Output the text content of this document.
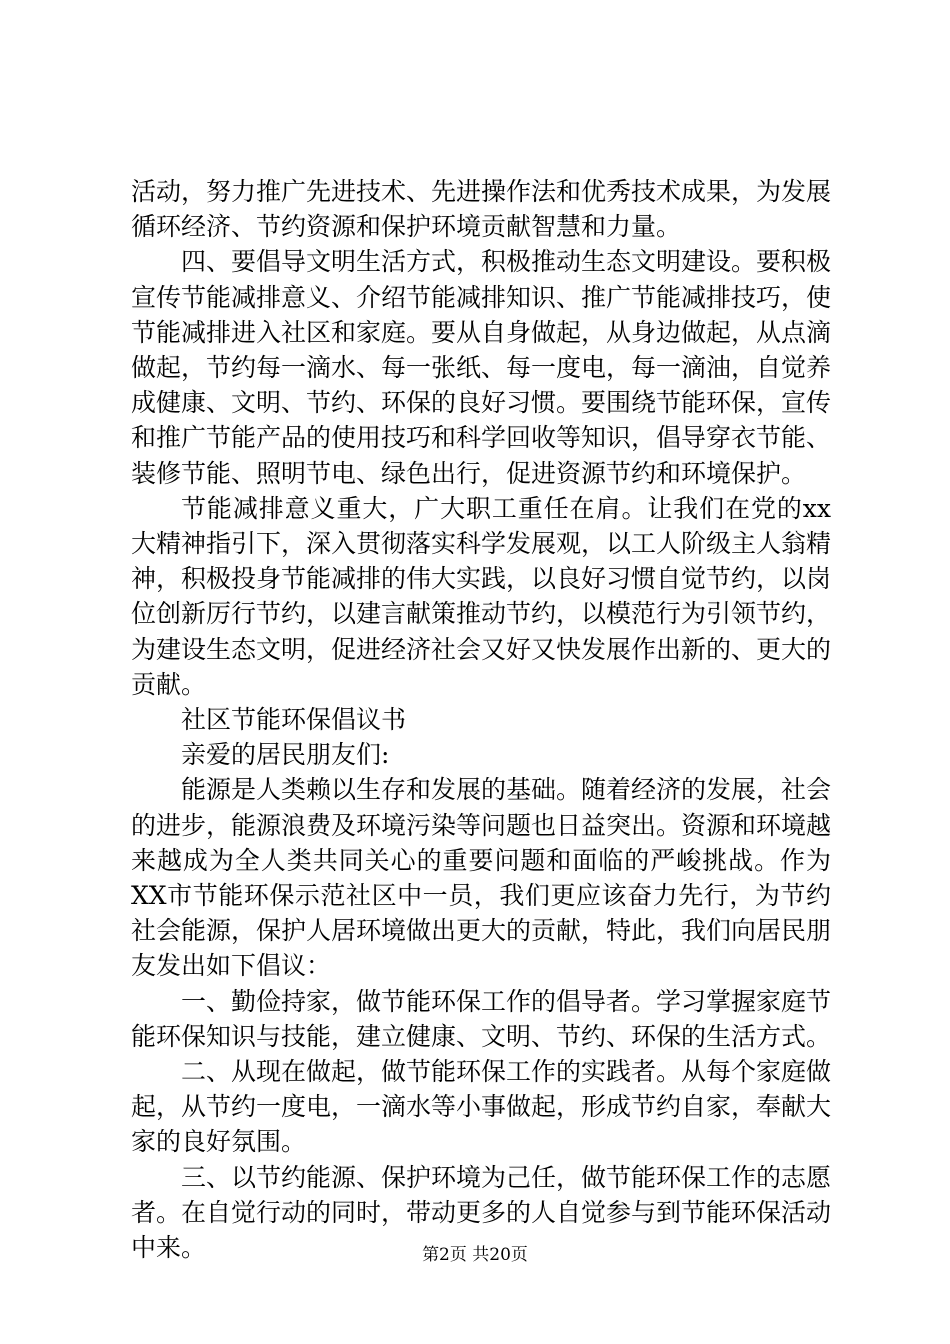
活动，努力推广先进技术、先进操作法和优秀技术成果，为发展循环经济、节约资源和保护环境贡献智慧和力量。

四、要倡导文明生活方式，积极推动生态文明建设。要积极宣传节能减排意义、介绍节能减排知识、推广节能减排技巧，使节能减排进入社区和家庭。要从自身做起，从身边做起，从点滴做起，节约每一滴水、每一张纸、每一度电，每一滴油，自觉养成健康、文明、节约、环保的良好习惯。要围绕节能环保，宣传和推广节能产品的使用技巧和科学回收等知识，倡导穿衣节能、装修节能、照明节电、绿色出行，促进资源节约和环境保护。

节能减排意义重大，广大职工重任在肩。让我们在党的xx大精神指引下，深入贯彻落实科学发展观，以工人阶级主人翁精神，积极投身节能减排的伟大实践，以良好习惯自觉节约，以岗位创新厉行节约，以建言献策推动节约，以模范行为引领节约，为建设生态文明，促进经济社会又好又快发展作出新的、更大的贡献。

社区节能环保倡议书

亲爱的居民朋友们:

能源是人类赖以生存和发展的基础。随着经济的发展，社会的进步，能源浪费及环境污染等问题也日益突出。资源和环境越来越成为全人类共同关心的重要问题和面临的严峻挑战。作为XX市节能环保示范社区中一员，我们更应该奋力先行，为节约社会能源，保护人居环境做出更大的贡献，特此，我们向居民朋友发出如下倡议：

一、勤俭持家，做节能环保工作的倡导者。学习掌握家庭节能环保知识与技能，建立健康、文明、节约、环保的生活方式。

二、从现在做起，做节能环保工作的实践者。从每个家庭做起，从节约一度电，一滴水等小事做起，形成节约自家，奉献大家的良好氛围。

三、以节约能源、保护环境为己任，做节能环保工作的志愿者。在自觉行动的同时，带动更多的人自觉参与到节能环保活动中来。	第2页 共20页
